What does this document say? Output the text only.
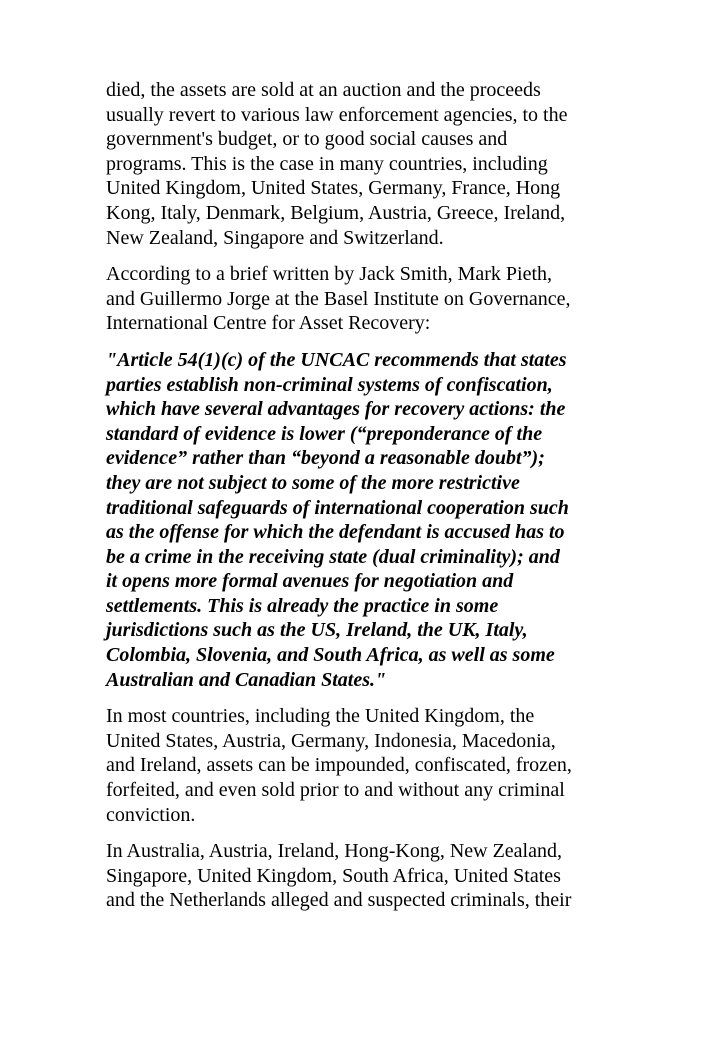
died, the assets are sold at an auction and the proceeds
usually revert to various law enforcement agencies, to the
government's budget, or to good social causes and
programs. This is the case in many countries, including
United Kingdom, United States, Germany, France, Hong
Kong, Italy, Denmark, Belgium, Austria, Greece, Ireland,
New Zealand, Singapore and Switzerland.

According to a brief written by Jack Smith, Mark Pieth,
and Guillermo Jorge at the Basel Institute on Governance,
International Centre for Asset Recovery:

"Article 54(1)(c) of the UNCAC recommends that states
parties establish non-criminal systems of confiscation,
which have several advantages for recovery actions: the
standard of evidence is lower (“preponderance of the
evidence” rather than “beyond a reasonable doubt”);
they are not subject to some of the more restrictive
traditional safeguards of international cooperation such
as the offense for which the defendant is accused has to
be a crime in the receiving state (dual criminality); and
it opens more formal avenues for negotiation and
settlements. This is already the practice in some
jurisdictions such as the US, Ireland, the UK, Italy,
Colombia, Slovenia, and South Africa, as well as some
Australian and Canadian States."

In most countries, including the United Kingdom, the
United States, Austria, Germany, Indonesia, Macedonia,
and Ireland, assets can be impounded, confiscated, frozen,
forfeited, and even sold prior to and without any criminal
conviction.

In Australia, Austria, Ireland, Hong-Kong, New Zealand,
Singapore, United Kingdom, South Africa, United States
and the Netherlands alleged and suspected criminals, their
